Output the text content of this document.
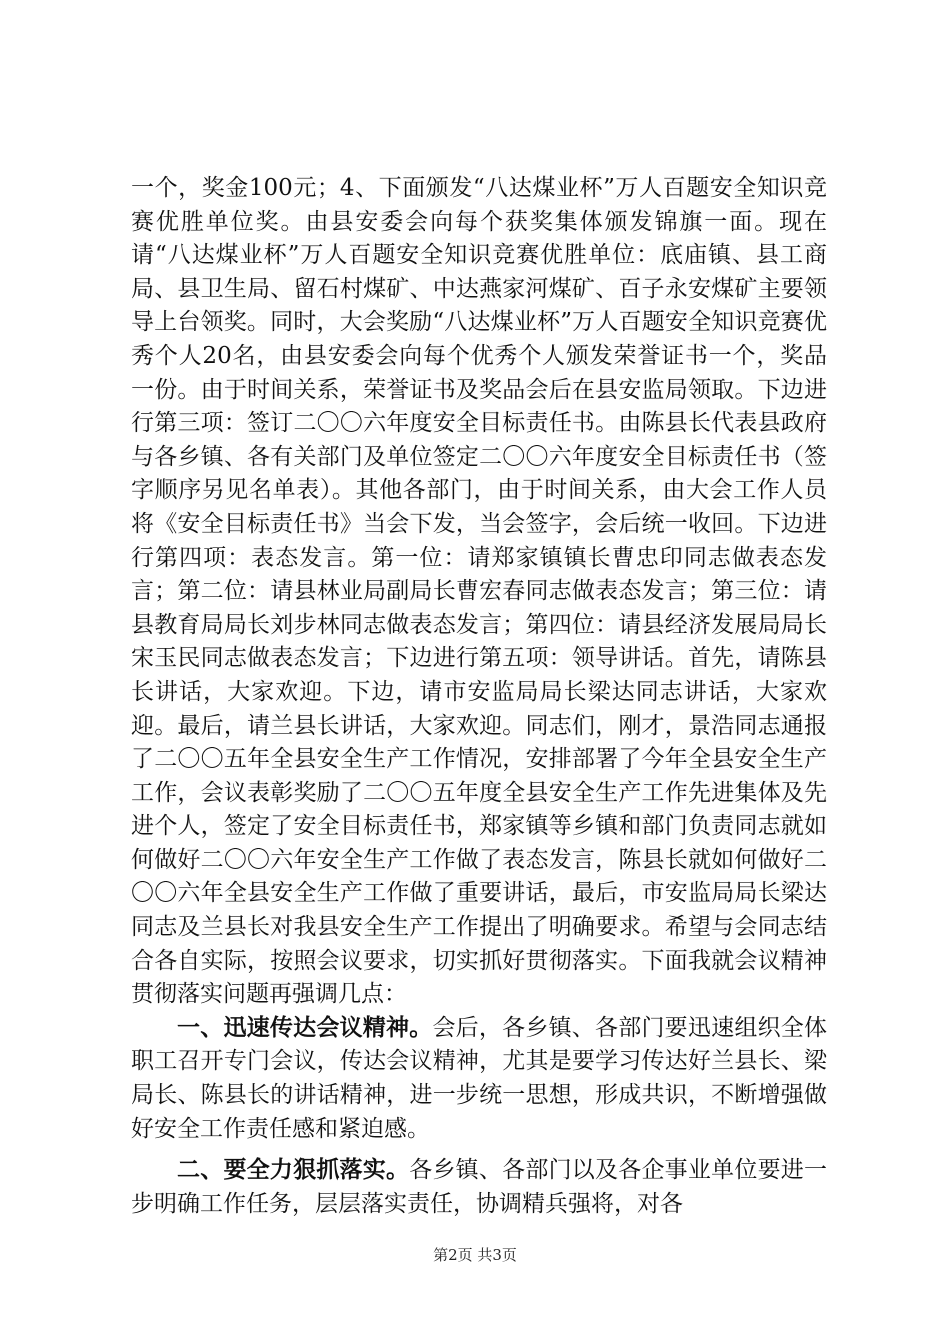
一个，奖金100元；4、下面颁发“八达煤业杯”万人百题安全知识竞赛优胜单位奖。由县安委会向每个获奖集体颁发锦旗一面。现在请“八达煤业杯”万人百题安全知识竞赛优胜单位：底庙镇、县工商局、县卫生局、留石村煤矿、中达燕家河煤矿、百子永安煤矿主要领导上台领奖。同时，大会奖励“八达煤业杯”万人百题安全知识竞赛优秀个人20名，由县安委会向每个优秀个人颁发荣誉证书一个，奖品一份。由于时间关系，荣誉证书及奖品会后在县安监局领取。下边进行第三项：签订二〇〇六年度安全目标责任书。由陈县长代表县政府与各乡镇、各有关部门及单位签定二〇〇六年度安全目标责任书（签字顺序另见名单表）。其他各部门，由于时间关系，由大会工作人员将《安全目标责任书》当会下发，当会签字，会后统一收回。下边进行第四项：表态发言。第一位：请郑家镇镇长曹忠印同志做表态发言；第二位：请县林业局副局长曹宏春同志做表态发言；第三位：请县教育局局长刘步林同志做表态发言；第四位：请县经济发展局局长宋玉民同志做表态发言；下边进行第五项：领导讲话。首先，请陈县长讲话，大家欢迎。下边，请市安监局局长梁达同志讲话，大家欢迎。最后，请兰县长讲话，大家欢迎。同志们，刚才，景浩同志通报了二〇〇五年全县安全生产工作情况，安排部署了今年全县安全生产工作，会议表彰奖励了二〇〇五年度全县安全生产工作先进集体及先进个人，签定了安全目标责任书，郑家镇等乡镇和部门负责同志就如何做好二〇〇六年安全生产工作做了表态发言，陈县长就如何做好二〇〇六年全县安全生产工作做了重要讲话，最后，市安监局局长梁达同志及兰县长对我县安全生产工作提出了明确要求。希望与会同志结合各自实际，按照会议要求，切实抓好贯彻落实。下面我就会议精神贯彻落实问题再强调几点：

一、迅速传达会议精神。会后，各乡镇、各部门要迅速组织全体职工召开专门会议，传达会议精神，尤其是要学习传达好兰县长、梁局长、陈县长的讲话精神，进一步统一思想，形成共识，不断增强做好安全工作责任感和紧迫感。

二、要全力狠抓落实。各乡镇、各部门以及各企事业单位要进一步明确工作任务，层层落实责任，协调精兵强将，对各

第2页 共3页
